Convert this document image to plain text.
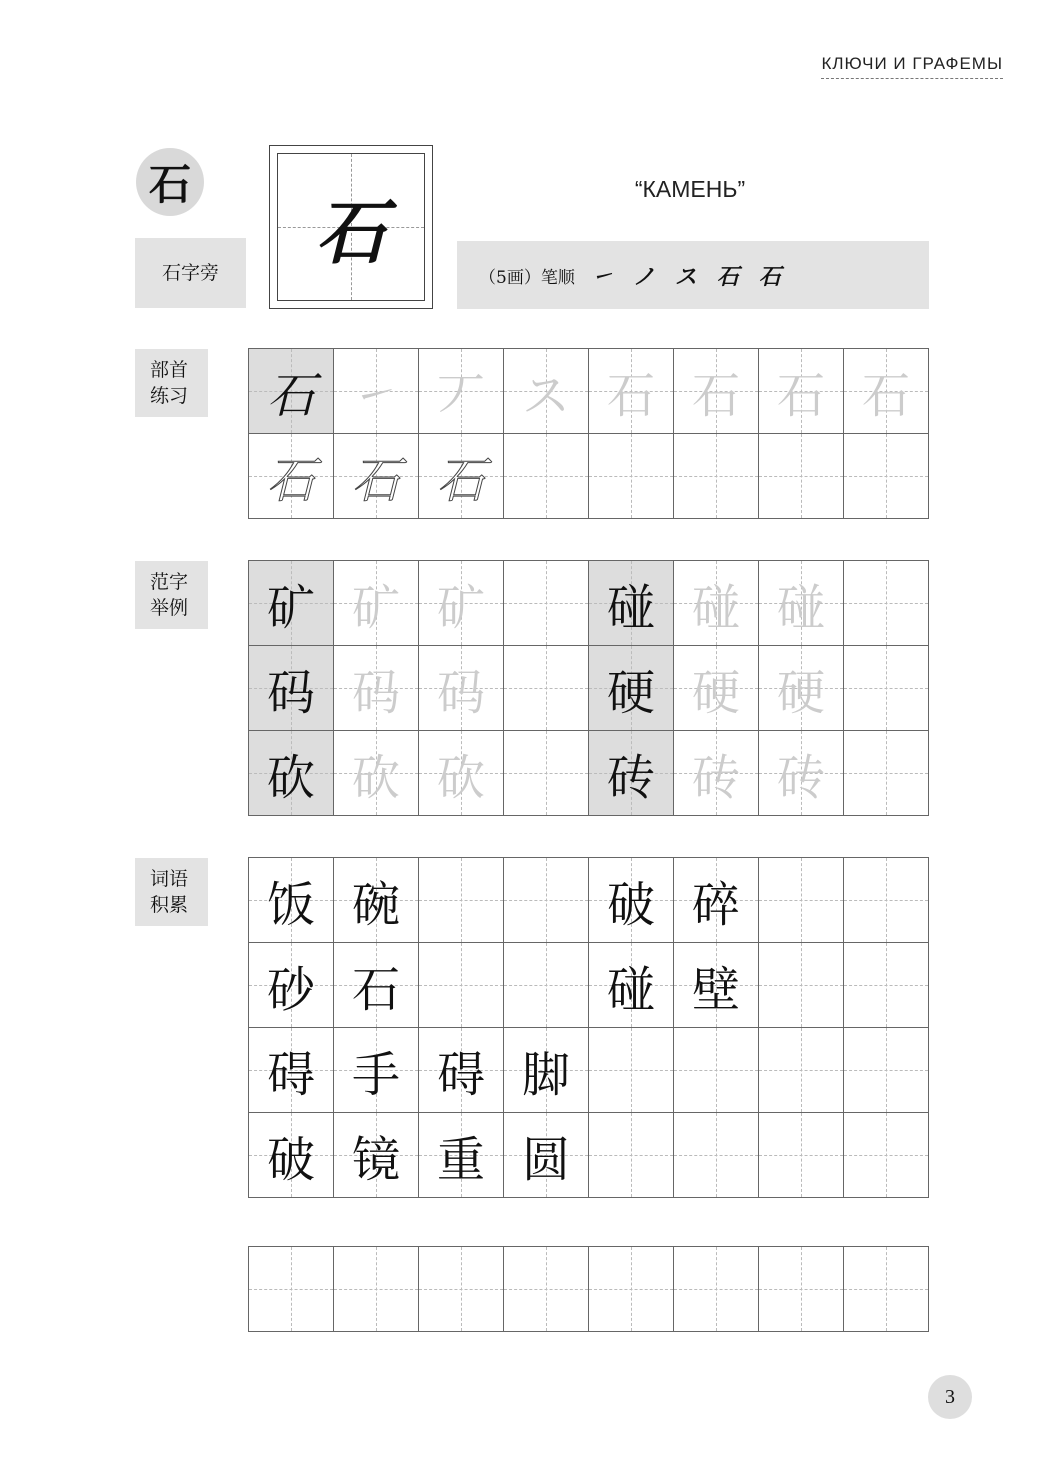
КЛЮЧИ И ГРАФЕМЫ
石
石字旁	石
“КАМЕНЬ”
（5画）笔顺 ㇀ ノ ス 石 石
部首
练习	石 ㇀ 丆 ス 石 石 石 石
石 石 石
范字
举例	矿 矿 矿	碰 碰 碰
码 码 码	硬 硬 硬
砍 砍 砍	砖 砖 砖
词语
积累	饭 碗	破 碎
砂 石	碰 壁
碍 手 碍 脚
破 镜 重 圆
3
